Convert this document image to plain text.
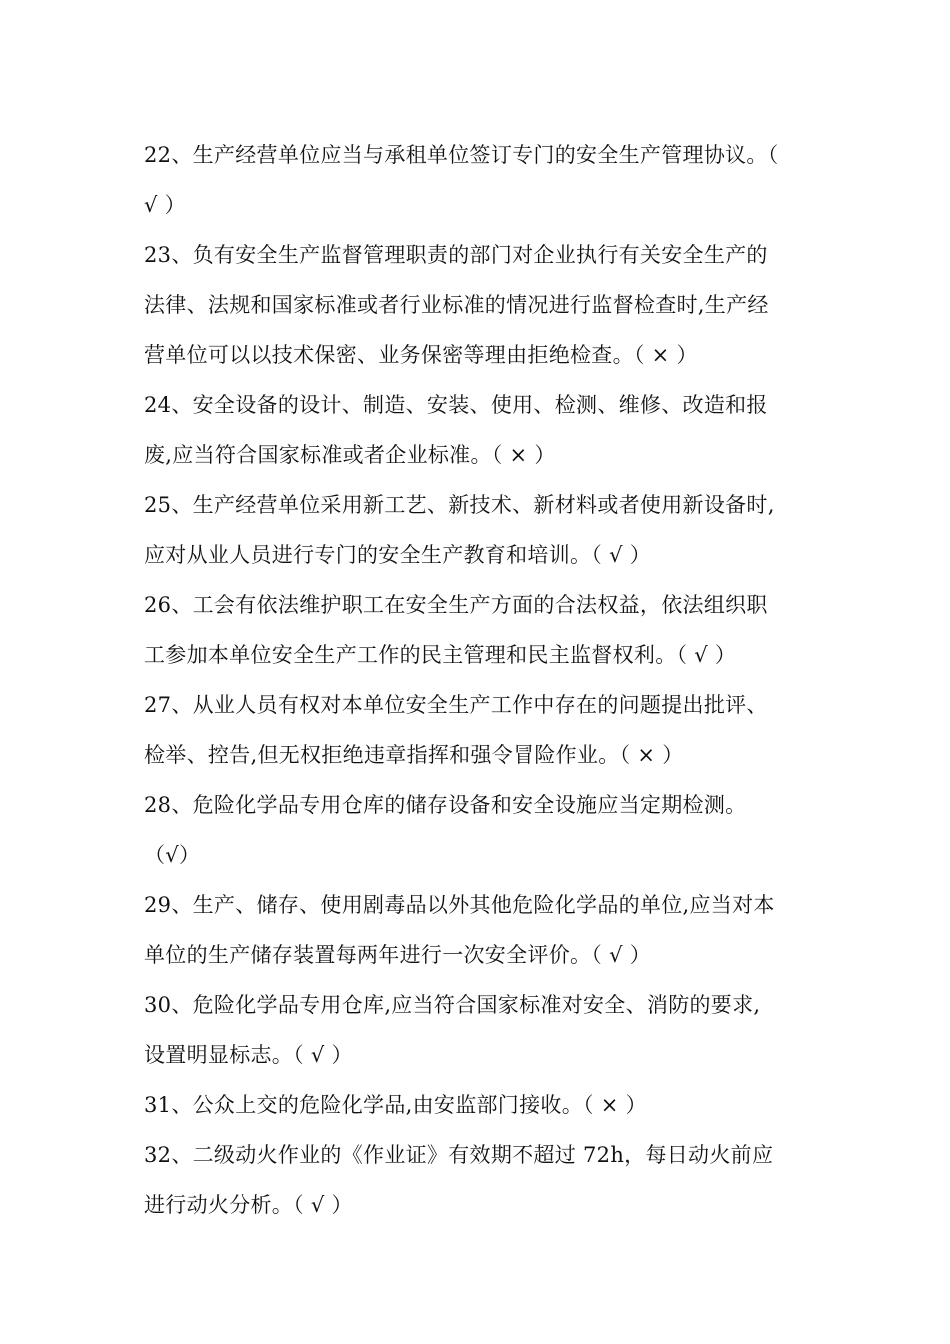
22、生产经营单位应当与承租单位签订专门的安全生产管理协议。（
√ ）
23、负有安全生产监督管理职责的部门对企业执行有关安全生产的
法律、法规和国家标准或者行业标准的情况进行监督检查时,生产经
营单位可以以技术保密、业务保密等理由拒绝检查。（ × ）
24、安全设备的设计、制造、安装、使用、检测、维修、改造和报
废,应当符合国家标准或者企业标准。（ × ）
25、生产经营单位采用新工艺、新技术、新材料或者使用新设备时,
应对从业人员进行专门的安全生产教育和培训。（ √ ）
26、工会有依法维护职工在安全生产方面的合法权益，依法组织职
工参加本单位安全生产工作的民主管理和民主监督权利。（ √ ）
27、从业人员有权对本单位安全生产工作中存在的问题提出批评、
检举、控告,但无权拒绝违章指挥和强令冒险作业。（ × ）
28、危险化学品专用仓库的储存设备和安全设施应当定期检测。
（√）
29、生产、储存、使用剧毒品以外其他危险化学品的单位,应当对本
单位的生产储存装置每两年进行一次安全评价。（ √ ）
30、危险化学品专用仓库,应当符合国家标准对安全、消防的要求,
设置明显标志。（ √ ）
31、公众上交的危险化学品,由安监部门接收。（ × ）
32、二级动火作业的《作业证》有效期不超过 72h，每日动火前应
进行动火分析。（ √ ）
